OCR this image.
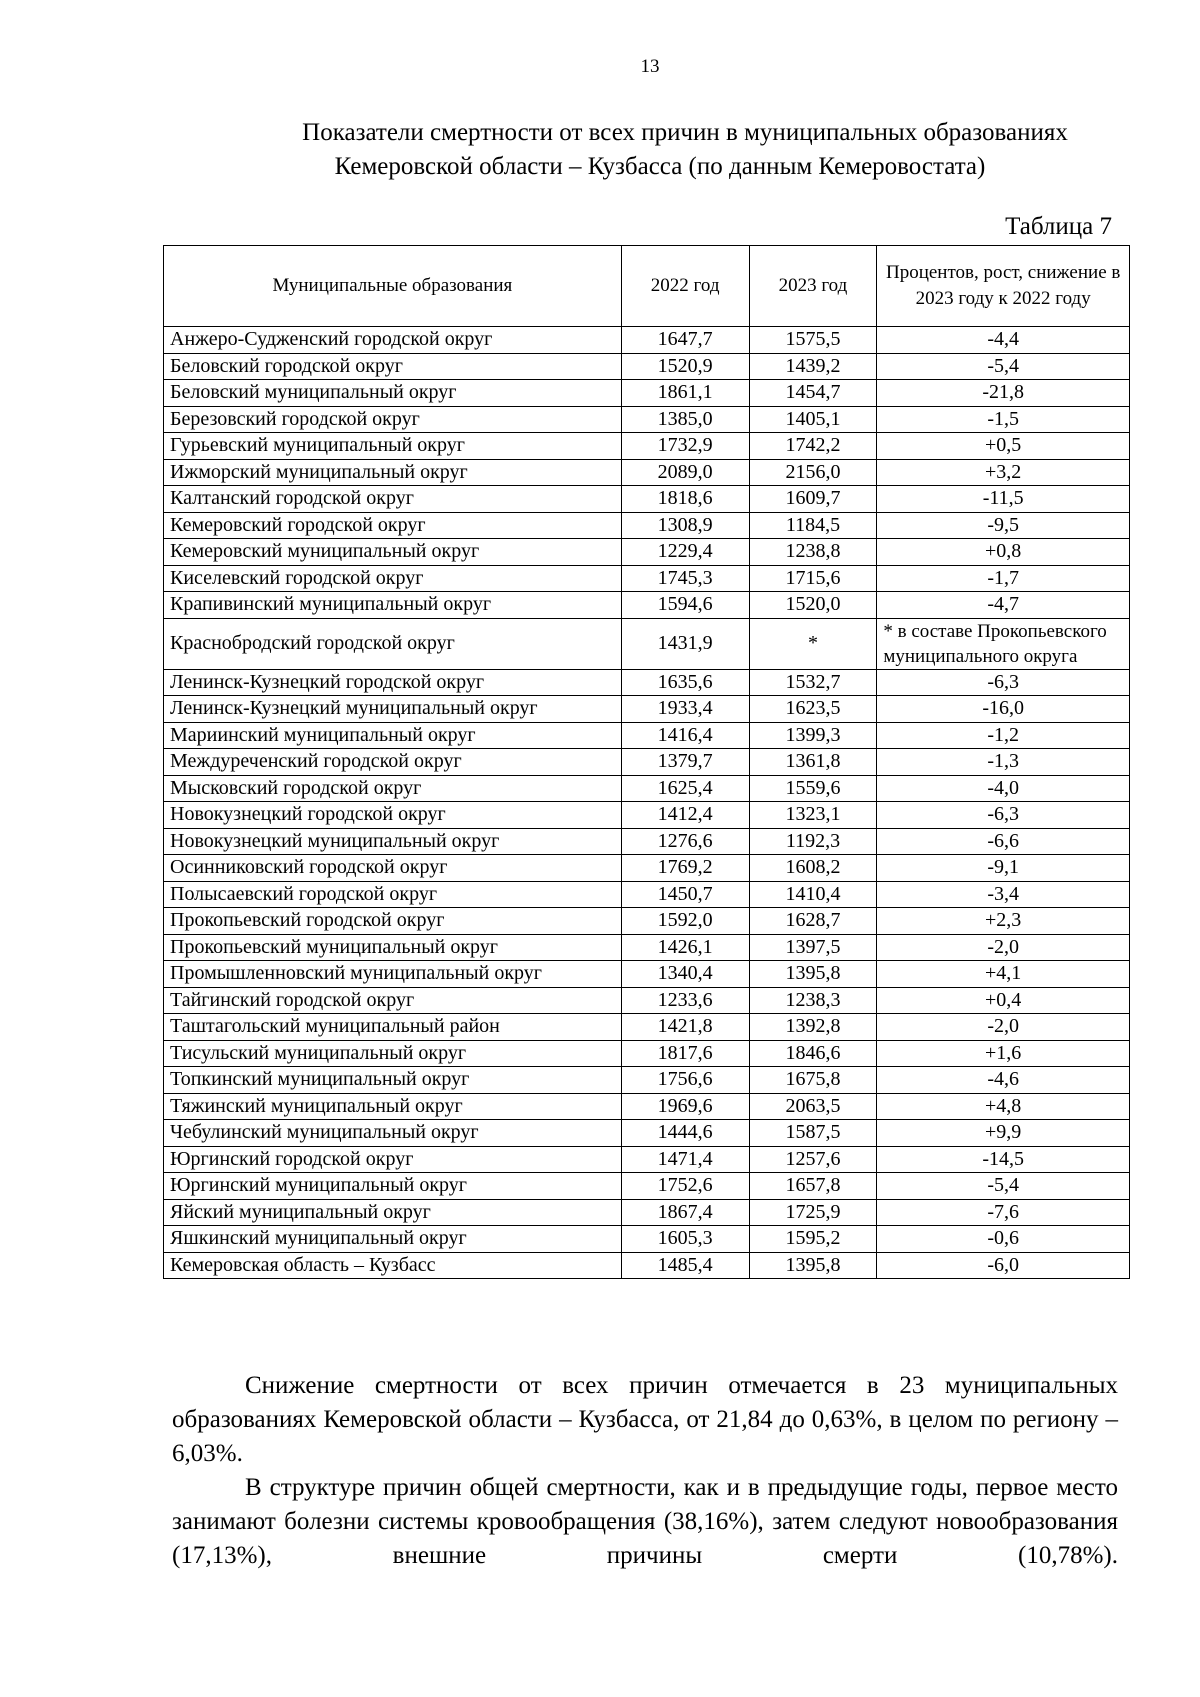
13
Показатели смертности от всех причин в муниципальных образованиях
Кемеровской области – Кузбасса (по данным Кемеровостата)
Таблица 7
Муниципальные образования	2022 год	2023 год	Процентов, рост, снижение в 2023 году к 2022 году
Анжеро-Судженский городской округ	1647,7	1575,5	-4,4
Беловский городской округ	1520,9	1439,2	-5,4
Беловский муниципальный округ	1861,1	1454,7	-21,8
Березовский городской округ	1385,0	1405,1	-1,5
Гурьевский муниципальный округ	1732,9	1742,2	+0,5
Ижморский муниципальный округ	2089,0	2156,0	+3,2
Калтанский городской округ	1818,6	1609,7	-11,5
Кемеровский городской округ	1308,9	1184,5	-9,5
Кемеровский муниципальный округ	1229,4	1238,8	+0,8
Киселевский городской округ	1745,3	1715,6	-1,7
Крапивинский муниципальный округ	1594,6	1520,0	-4,7
Краснобродский городской округ	1431,9	*	* в составе Прокопьевского муниципального округа
Ленинск-Кузнецкий городской округ	1635,6	1532,7	-6,3
Ленинск-Кузнецкий муниципальный округ	1933,4	1623,5	-16,0
Мариинский муниципальный округ	1416,4	1399,3	-1,2
Междуреченский городской округ	1379,7	1361,8	-1,3
Мысковский городской округ	1625,4	1559,6	-4,0
Новокузнецкий городской округ	1412,4	1323,1	-6,3
Новокузнецкий муниципальный округ	1276,6	1192,3	-6,6
Осинниковский городской округ	1769,2	1608,2	-9,1
Полысаевский городской округ	1450,7	1410,4	-3,4
Прокопьевский городской округ	1592,0	1628,7	+2,3
Прокопьевский муниципальный округ	1426,1	1397,5	-2,0
Промышленновский муниципальный округ	1340,4	1395,8	+4,1
Тайгинский городской округ	1233,6	1238,3	+0,4
Таштагольский муниципальный район	1421,8	1392,8	-2,0
Тисульский муниципальный округ	1817,6	1846,6	+1,6
Топкинский муниципальный округ	1756,6	1675,8	-4,6
Тяжинский муниципальный округ	1969,6	2063,5	+4,8
Чебулинский муниципальный округ	1444,6	1587,5	+9,9
Юргинский городской округ	1471,4	1257,6	-14,5
Юргинский муниципальный округ	1752,6	1657,8	-5,4
Яйский муниципальный округ	1867,4	1725,9	-7,6
Яшкинский муниципальный округ	1605,3	1595,2	-0,6
Кемеровская область – Кузбасс	1485,4	1395,8	-6,0

Снижение смертности от всех причин отмечается в 23 муниципальных образованиях Кемеровской области – Кузбасса, от 21,84 до 0,63%, в целом по региону – 6,03%.

В структуре причин общей смертности, как и в предыдущие годы, первое место занимают болезни системы кровообращения (38,16%), затем следуют новообразования (17,13%), внешние причины смерти (10,78%).
